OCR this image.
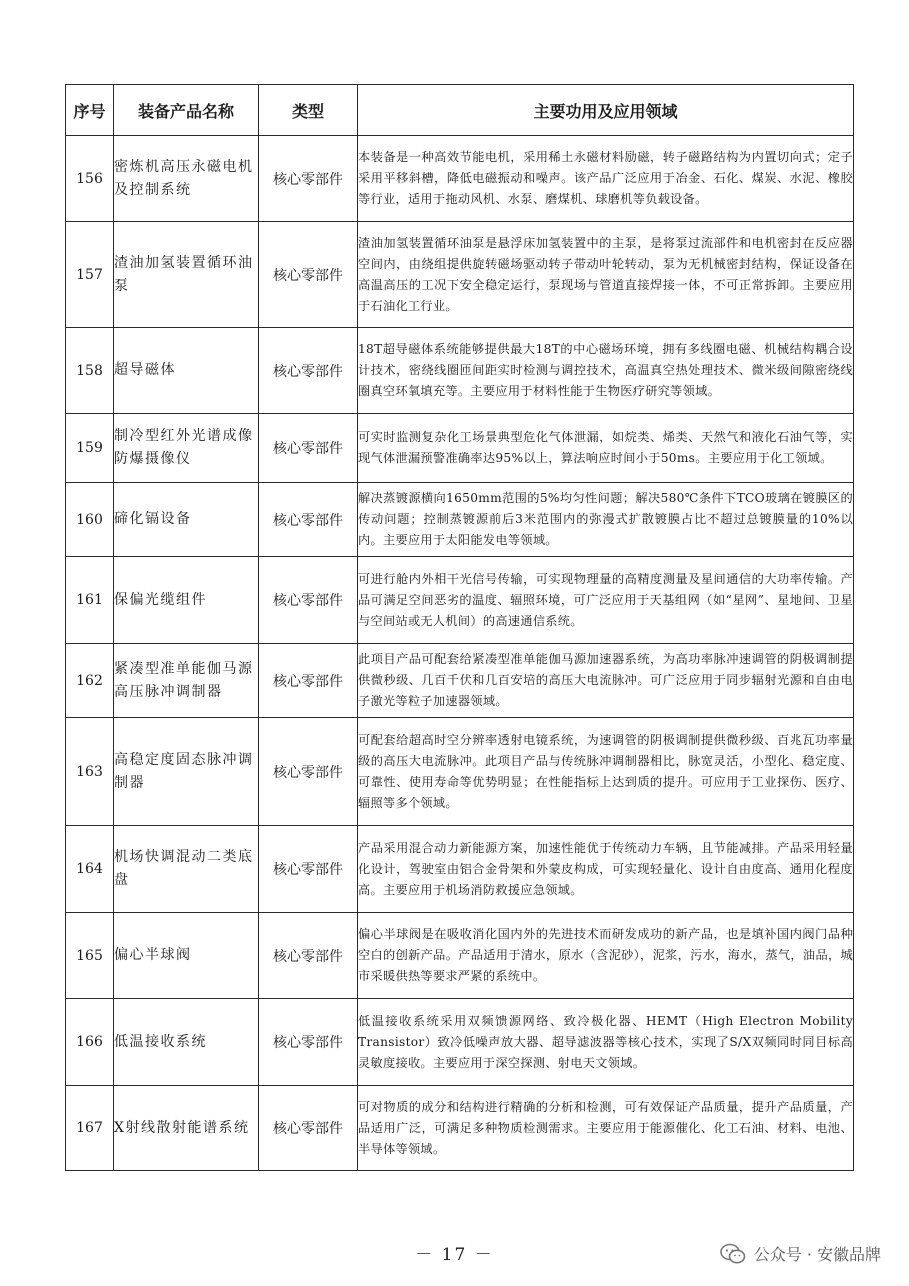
序号	装备产品名称	类型	主要功用及应用领域
156	密炼机高压永磁电机及控制系统	核心零部件	本装备是一种高效节能电机，采用稀土永磁材料励磁，转子磁路结构为内置切向式；定子采用平移斜槽，降低电磁振动和噪声。该产品广泛应用于冶金、石化、煤炭、水泥、橡胶等行业，适用于拖动风机、水泵、磨煤机、球磨机等负载设备。
157	渣油加氢装置循环油泵	核心零部件	渣油加氢装置循环油泵是悬浮床加氢装置中的主泵，是将泵过流部件和电机密封在反应器空间内，由绕组提供旋转磁场驱动转子带动叶轮转动，泵为无机械密封结构，保证设备在高温高压的工况下安全稳定运行，泵现场与管道直接焊接一体，不可正常拆卸。主要应用于石油化工行业。
158	超导磁体	核心零部件	18T超导磁体系统能够提供最大18T的中心磁场环境，拥有多线圈电磁、机械结构耦合设计技术，密绕线圈匝间距实时检测与调控技术，高温真空热处理技术、微米级间隙密绕线圈真空环氧填充等。主要应用于材料性能于生物医疗研究等领域。
159	制冷型红外光谱成像防爆摄像仪	核心零部件	可实时监测复杂化工场景典型危化气体泄漏，如烷类、烯类、天然气和液化石油气等，实现气体泄漏预警准确率达95%以上，算法响应时间小于50ms。主要应用于化工领域。
160	碲化镉设备	核心零部件	解决蒸镀源横向1650mm范围的5%均匀性问题；解决580℃条件下TCO玻璃在镀膜区的传动问题；控制蒸镀源前后3米范围内的弥漫式扩散镀膜占比不超过总镀膜量的10%以内。主要应用于太阳能发电等领域。
161	保偏光缆组件	核心零部件	可进行舱内外相干光信号传输，可实现物理量的高精度测量及星间通信的大功率传输。产品可满足空间恶劣的温度、辐照环境，可广泛应用于天基组网（如“星网”、星地间、卫星与空间站或无人机间）的高速通信系统。
162	紧凑型准单能伽马源高压脉冲调制器	核心零部件	此项目产品可配套给紧凑型准单能伽马源加速器系统，为高功率脉冲速调管的阴极调制提供微秒级、几百千伏和几百安培的高压大电流脉冲。可广泛应用于同步辐射光源和自由电子激光等粒子加速器领域。
163	高稳定度固态脉冲调制器	核心零部件	可配套给超高时空分辨率透射电镜系统，为速调管的阴极调制提供微秒级、百兆瓦功率量级的高压大电流脉冲。此项目产品与传统脉冲调制器相比，脉宽灵活，小型化、稳定度、可靠性、使用寿命等优势明显；在性能指标上达到质的提升。可应用于工业探伤、医疗、辐照等多个领域。
164	机场快调混动二类底盘	核心零部件	产品采用混合动力新能源方案，加速性能优于传统动力车辆，且节能减排。产品采用轻量化设计，驾驶室由铝合金骨架和外蒙皮构成，可实现轻量化、设计自由度高、通用化程度高。主要应用于机场消防救援应急领域。
165	偏心半球阀	核心零部件	偏心半球阀是在吸收消化国内外的先进技术而研发成功的新产品，也是填补国内阀门品种空白的创新产品。产品适用于清水，原水（含泥砂），泥浆，污水，海水，蒸气，油品，城市采暖供热等要求严紧的系统中。
166	低温接收系统	核心零部件	低温接收系统采用双频馈源网络、致冷极化器、HEMT（High Electron Mobility Transistor）致冷低噪声放大器、超导滤波器等核心技术，实现了S/X双频同时同目标高灵敏度接收。主要应用于深空探测、射电天文领域。
167	X射线散射能谱系统	核心零部件	可对物质的成分和结构进行精确的分析和检测，可有效保证产品质量，提升产品质量，产品适用广泛，可满足多种物质检测需求。主要应用于能源催化、化工石油、材料、电池、半导体等领域。
－ 17 －	公众号 · 安徽品牌
